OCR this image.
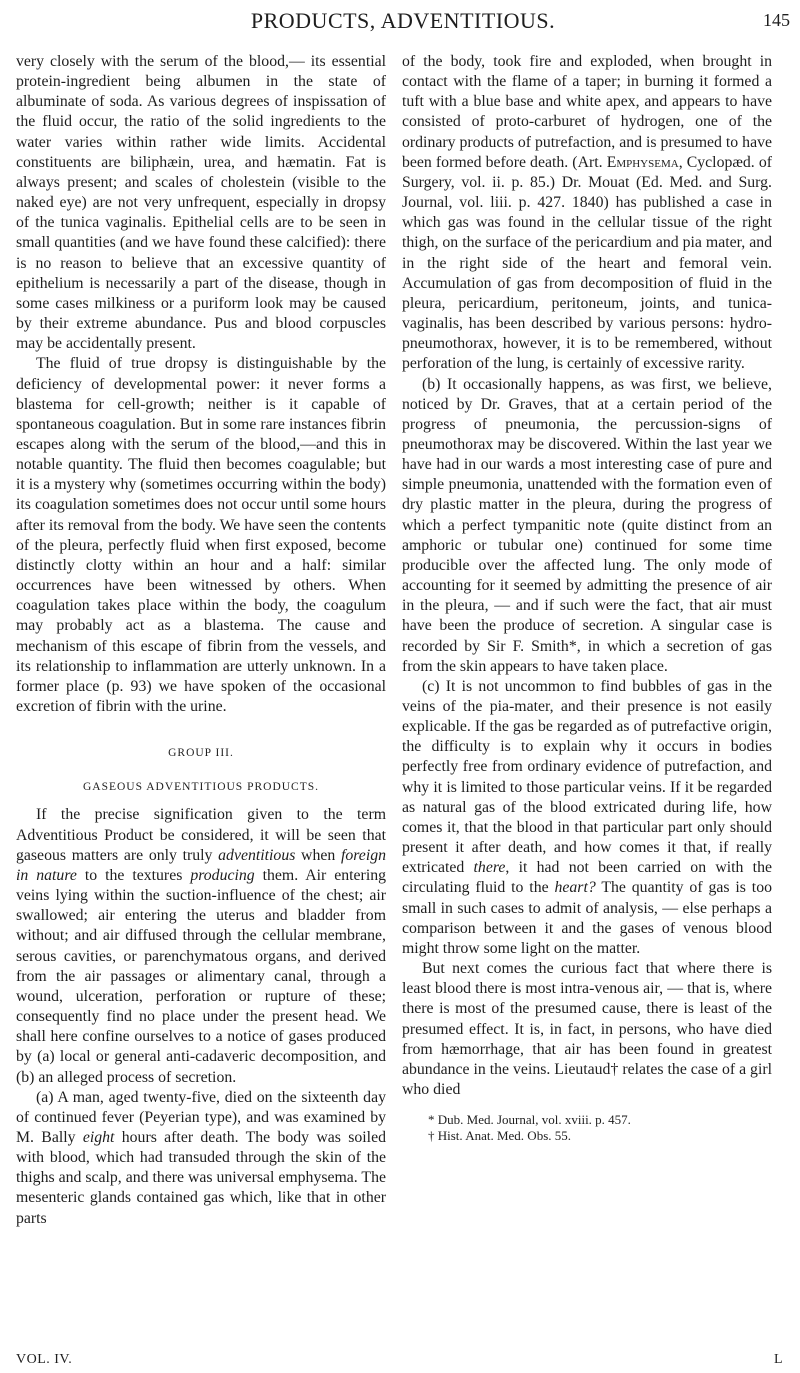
PRODUCTS, ADVENTITIOUS.	145

very closely with the serum of the blood,— its essential protein-ingredient being albumen in the state of albuminate of soda. As various degrees of inspissation of the fluid occur, the ratio of the solid ingredients to the water varies within rather wide limits. Accidental constituents are biliphæin, urea, and hæmatin. Fat is always present; and scales of cholestein (visible to the naked eye) are not very unfrequent, especially in dropsy of the tunica vaginalis. Epithelial cells are to be seen in small quantities (and we have found these calcified): there is no reason to believe that an excessive quantity of epithelium is necessarily a part of the disease, though in some cases milkiness or a puriform look may be caused by their extreme abundance. Pus and blood corpuscles may be accidentally present.

The fluid of true dropsy is distinguishable by the deficiency of developmental power: it never forms a blastema for cell-growth; neither is it capable of spontaneous coagulation. But in some rare instances fibrin escapes along with the serum of the blood,—and this in notable quantity. The fluid then becomes coagulable; but it is a mystery why (sometimes occurring within the body) its coagulation sometimes does not occur until some hours after its removal from the body. We have seen the contents of the pleura, perfectly fluid when first exposed, become distinctly clotty within an hour and a half: similar occurrences have been witnessed by others. When coagulation takes place within the body, the coagulum may probably act as a blastema. The cause and mechanism of this escape of fibrin from the vessels, and its relationship to inflammation are utterly unknown. In a former place (p. 93) we have spoken of the occasional excretion of fibrin with the urine.

GROUP III.

GASEOUS ADVENTITIOUS PRODUCTS.

If the precise signification given to the term Adventitious Product be considered, it will be seen that gaseous matters are only truly adventitious when foreign in nature to the textures producing them. Air entering veins lying within the suction-influence of the chest; air swallowed; air entering the uterus and bladder from without; and air diffused through the cellular membrane, serous cavities, or parenchymatous organs, and derived from the air passages or alimentary canal, through a wound, ulceration, perforation or rupture of these; consequently find no place under the present head. We shall here confine ourselves to a notice of gases produced by (a) local or general anti-cadaveric decomposition, and (b) an alleged process of secretion.

(a) A man, aged twenty-five, died on the sixteenth day of continued fever (Peyerian type), and was examined by M. Bally eight hours after death. The body was soiled with blood, which had transuded through the skin of the thighs and scalp, and there was universal emphysema. The mesenteric glands contained gas which, like that in other parts

of the body, took fire and exploded, when brought in contact with the flame of a taper; in burning it formed a tuft with a blue base and white apex, and appears to have consisted of proto-carburet of hydrogen, one of the ordinary products of putrefaction, and is presumed to have been formed before death. (Art. Emphysema, Cyclopæd. of Surgery, vol. ii. p. 85.) Dr. Mouat (Ed. Med. and Surg. Journal, vol. liii. p. 427. 1840) has published a case in which gas was found in the cellular tissue of the right thigh, on the surface of the pericardium and pia mater, and in the right side of the heart and femoral vein. Accumulation of gas from decomposition of fluid in the pleura, pericardium, peritoneum, joints, and tunica-vaginalis, has been described by various persons: hydro-pneumothorax, however, it is to be remembered, without perforation of the lung, is certainly of excessive rarity.

(b) It occasionally happens, as was first, we believe, noticed by Dr. Graves, that at a certain period of the progress of pneumonia, the percussion-signs of pneumothorax may be discovered. Within the last year we have had in our wards a most interesting case of pure and simple pneumonia, unattended with the formation even of dry plastic matter in the pleura, during the progress of which a perfect tympanitic note (quite distinct from an amphoric or tubular one) continued for some time producible over the affected lung. The only mode of accounting for it seemed by admitting the presence of air in the pleura, — and if such were the fact, that air must have been the produce of secretion. A singular case is recorded by Sir F. Smith*, in which a secretion of gas from the skin appears to have taken place.

(c) It is not uncommon to find bubbles of gas in the veins of the pia-mater, and their presence is not easily explicable. If the gas be regarded as of putrefactive origin, the difficulty is to explain why it occurs in bodies perfectly free from ordinary evidence of putrefaction, and why it is limited to those particular veins. If it be regarded as natural gas of the blood extricated during life, how comes it, that the blood in that particular part only should present it after death, and how comes it that, if really extricated there, it had not been carried on with the circulating fluid to the heart? The quantity of gas is too small in such cases to admit of analysis, — else perhaps a comparison between it and the gases of venous blood might throw some light on the matter.

But next comes the curious fact that where there is least blood there is most intra-venous air, — that is, where there is most of the presumed cause, there is least of the presumed effect. It is, in fact, in persons, who have died from hæmorrhage, that air has been found in greatest abundance in the veins. Lieutaud† relates the case of a girl who died

* Dub. Med. Journal, vol. xviii. p. 457.
† Hist. Anat. Med. Obs. 55.
VOL. IV.	L
